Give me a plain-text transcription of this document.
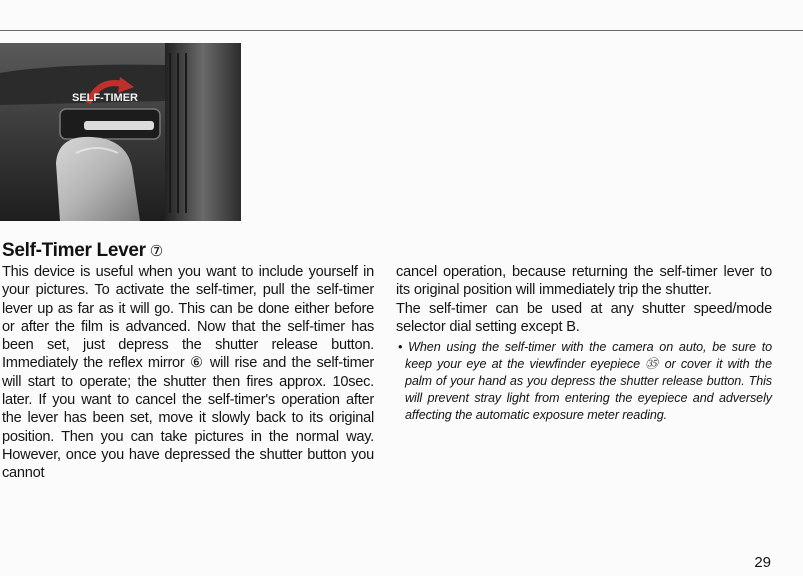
SELF-TIMER
Self-Timer Lever ⑦

This device is useful when you want to include yourself in your pictures. To activate the self-timer, pull the self-timer lever up as far as it will go. This can be done either before or after the film is advanced. Now that the self-timer has been set, just depress the shutter release button. Immediately the reflex mirror ⑥ will rise and the self-timer will start to operate; the shutter then fires approx. 10sec. later. If you want to cancel the self-timer's operation after the lever has been set, move it slowly back to its original position. Then you can take pictures in the normal way. However, once you have depressed the shutter button you cannot

cancel operation, because returning the self-timer lever to its original position will immediately trip the shutter.

The self-timer can be used at any shutter speed/mode selector dial setting except B.

• When using the self-timer with the camera on auto, be sure to keep your eye at the viewfinder eyepiece ㉟ or cover it with the palm of your hand as you depress the shutter release button. This will prevent stray light from entering the eyepiece and adversely affecting the automatic exposure meter reading.

29
